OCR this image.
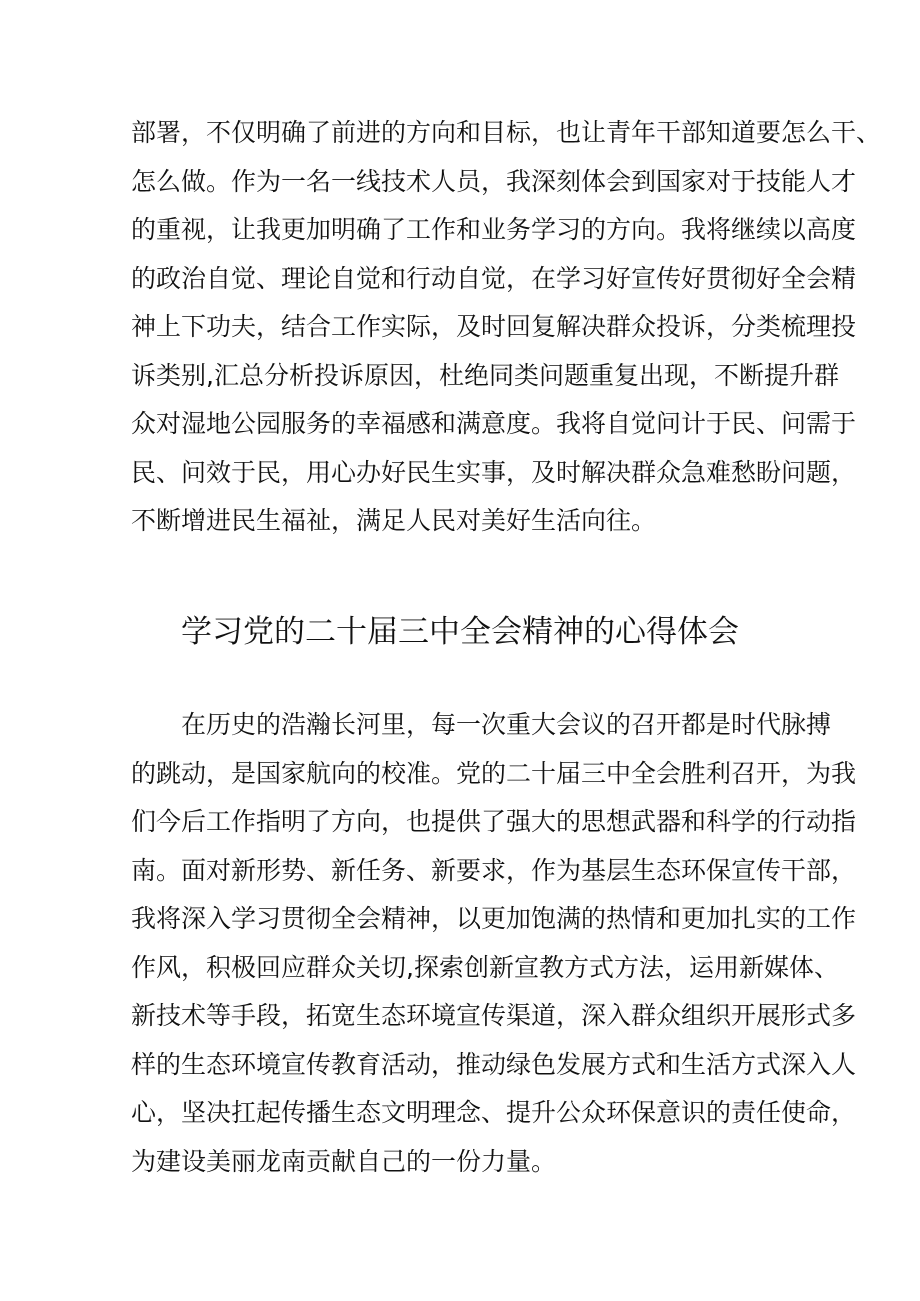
部署，不仅明确了前进的方向和目标，也让青年干部知道要怎么干、
怎么做。作为一名一线技术人员，我深刻体会到国家对于技能人才
的重视，让我更加明确了工作和业务学习的方向。我将继续以高度
的政治自觉、理论自觉和行动自觉，在学习好宣传好贯彻好全会精
神上下功夫，结合工作实际，及时回复解决群众投诉，分类梳理投
诉类别,汇总分析投诉原因，杜绝同类问题重复出现，不断提升群
众对湿地公园服务的幸福感和满意度。我将自觉问计于民、问需于
民、问效于民，用心办好民生实事，及时解决群众急难愁盼问题，
不断增进民生福祉，满足人民对美好生活向往。
学习党的二十届三中全会精神的心得体会
在历史的浩瀚长河里，每一次重大会议的召开都是时代脉搏
的跳动，是国家航向的校准。党的二十届三中全会胜利召开，为我
们今后工作指明了方向，也提供了强大的思想武器和科学的行动指
南。面对新形势、新任务、新要求，作为基层生态环保宣传干部，
我将深入学习贯彻全会精神，以更加饱满的热情和更加扎实的工作
作风，积极回应群众关切,探索创新宣教方式方法，运用新媒体、
新技术等手段，拓宽生态环境宣传渠道，深入群众组织开展形式多
样的生态环境宣传教育活动，推动绿色发展方式和生活方式深入人
心，坚决扛起传播生态文明理念、提升公众环保意识的责任使命，
为建设美丽龙南贡献自己的一份力量。
